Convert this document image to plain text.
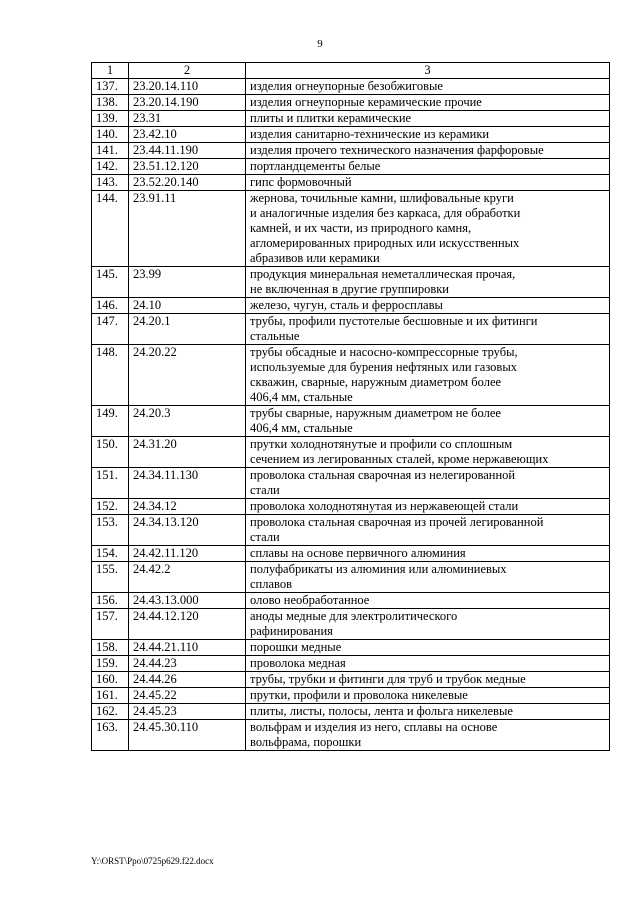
9
1	2	3
137.	23.20.14.110	изделия огнеупорные безобжиговые
138.	23.20.14.190	изделия огнеупорные керамические прочие
139.	23.31	плиты и плитки керамические
140.	23.42.10	изделия санитарно-технические из керамики
141.	23.44.11.190	изделия прочего технического назначения фарфоровые
142.	23.51.12.120	портландцементы белые
143.	23.52.20.140	гипс формовочный
144.	23.91.11	жернова, точильные камни, шлифовальные круги
и аналогичные изделия без каркаса, для обработки
камней, и их части, из природного камня,
агломерированных природных или искусственных
абразивов или керамики
145.	23.99	продукция минеральная неметаллическая прочая,
не включенная в другие группировки
146.	24.10	железо, чугун, сталь и ферросплавы
147.	24.20.1	трубы, профили пустотелые бесшовные и их фитинги
стальные
148.	24.20.22	трубы обсадные и насосно-компрессорные трубы,
используемые для бурения нефтяных или газовых
скважин, сварные, наружным диаметром более
406,4 мм, стальные
149.	24.20.3	трубы сварные, наружным диаметром не более
406,4 мм, стальные
150.	24.31.20	прутки холоднотянутые и профили со сплошным
сечением из легированных сталей, кроме нержавеющих
151.	24.34.11.130	проволока стальная сварочная из нелегированной
стали
152.	24.34.12	проволока холоднотянутая из нержавеющей стали
153.	24.34.13.120	проволока стальная сварочная из прочей легированной
стали
154.	24.42.11.120	сплавы на основе первичного алюминия
155.	24.42.2	полуфабрикаты из алюминия или алюминиевых
сплавов
156.	24.43.13.000	олово необработанное
157.	24.44.12.120	аноды медные для электролитического
рафинирования
158.	24.44.21.110	порошки медные
159.	24.44.23	проволока медная
160.	24.44.26	трубы, трубки и фитинги для труб и трубок медные
161.	24.45.22	прутки, профили и проволока никелевые
162.	24.45.23	плиты, листы, полосы, лента и фольга никелевые
163.	24.45.30.110	вольфрам и изделия из него, сплавы на основе
вольфрама, порошки
Y:\ORST\Ppo\0725p629.f22.docx
